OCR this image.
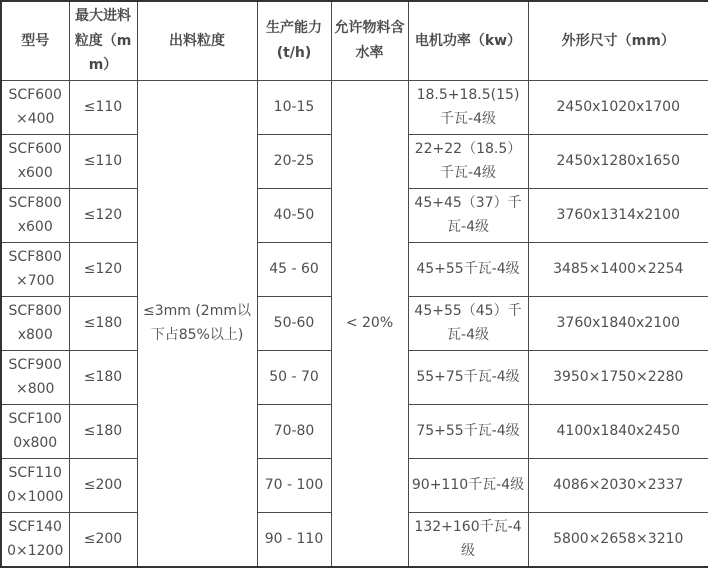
型号	最大进料粒度（mm）	出料粒度	生产能力(t/h)	允许物料含水率	电机功率（kw）	外形尺寸（mm）
SCF600×400	≤110	≤3mm (2mm以下占85%以上)	10-15	< 20%	18.5+18.5(15)千瓦-4级	2450x1020x1700
SCF600x600	≤110		20-25		22+22（18.5）千瓦-4级	2450x1280x1650
SCF800x600	≤120		40-50		45+45（37）千瓦-4级	3760x1314x2100
SCF800×700	≤120		45 - 60		45+55千瓦-4级	3485×1400×2254
SCF800x800	≤180		50-60		45+55（45）千瓦-4级	3760x1840x2100
SCF900×800	≤180		50 - 70		55+75千瓦-4级	3950×1750×2280
SCF1000x800	≤180		70-80		75+55千瓦-4级	4100x1840x2450
SCF1100×1000	≤200		70 - 100		90+110千瓦-4级	4086×2030×2337
SCF1400×1200	≤200		90 - 110		132+160千瓦-4级	5800×2658×3210
